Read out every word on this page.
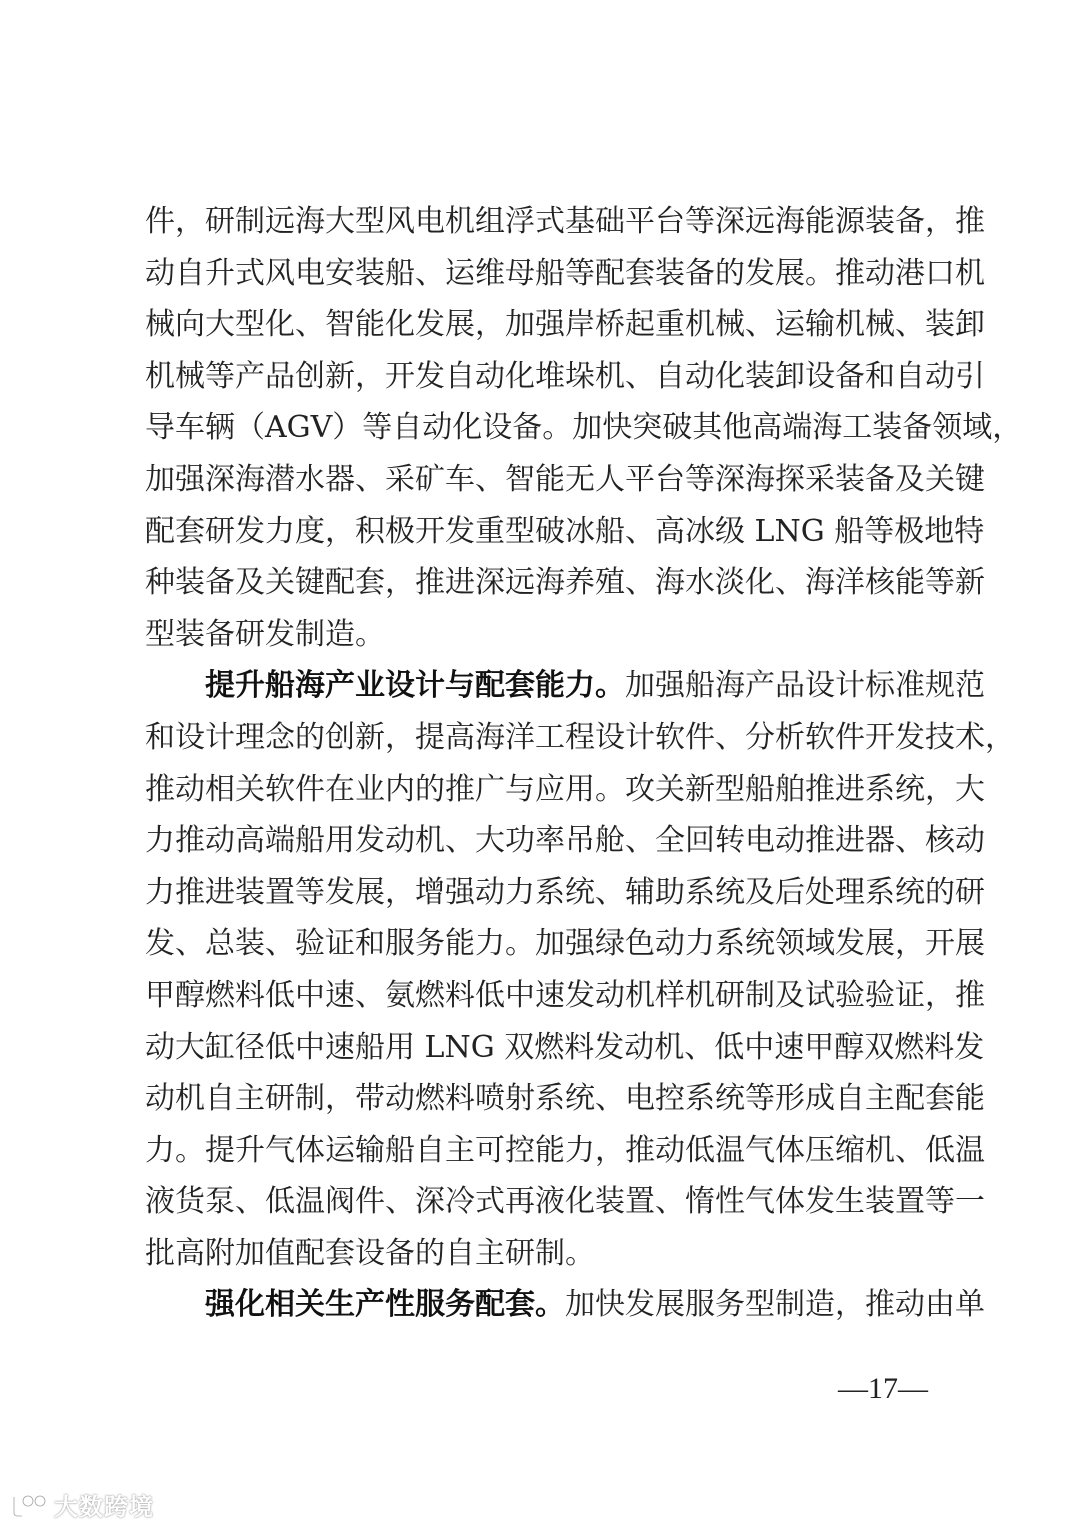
件，研制远海大型风电机组浮式基础平台等深远海能源装备，推
动自升式风电安装船、运维母船等配套装备的发展。推动港口机
械向大型化、智能化发展，加强岸桥起重机械、运输机械、装卸
机械等产品创新，开发自动化堆垛机、自动化装卸设备和自动引
导车辆（AGV）等自动化设备。加快突破其他高端海工装备领域，
加强深海潜水器、采矿车、智能无人平台等深海探采装备及关键
配套研发力度，积极开发重型破冰船、高冰级 LNG 船等极地特
种装备及关键配套，推进深远海养殖、海水淡化、海洋核能等新
型装备研发制造。
提升船海产业设计与配套能力。加强船海产品设计标准规范
和设计理念的创新，提高海洋工程设计软件、分析软件开发技术，
推动相关软件在业内的推广与应用。攻关新型船舶推进系统，大
力推动高端船用发动机、大功率吊舱、全回转电动推进器、核动
力推进装置等发展，增强动力系统、辅助系统及后处理系统的研
发、总装、验证和服务能力。加强绿色动力系统领域发展，开展
甲醇燃料低中速、氨燃料低中速发动机样机研制及试验验证，推
动大缸径低中速船用 LNG 双燃料发动机、低中速甲醇双燃料发
动机自主研制，带动燃料喷射系统、电控系统等形成自主配套能
力。提升气体运输船自主可控能力，推动低温气体压缩机、低温
液货泵、低温阀件、深冷式再液化装置、惰性气体发生装置等一
批高附加值配套设备的自主研制。
强化相关生产性服务配套。加快发展服务型制造，推动由单
—17—
大数跨境
